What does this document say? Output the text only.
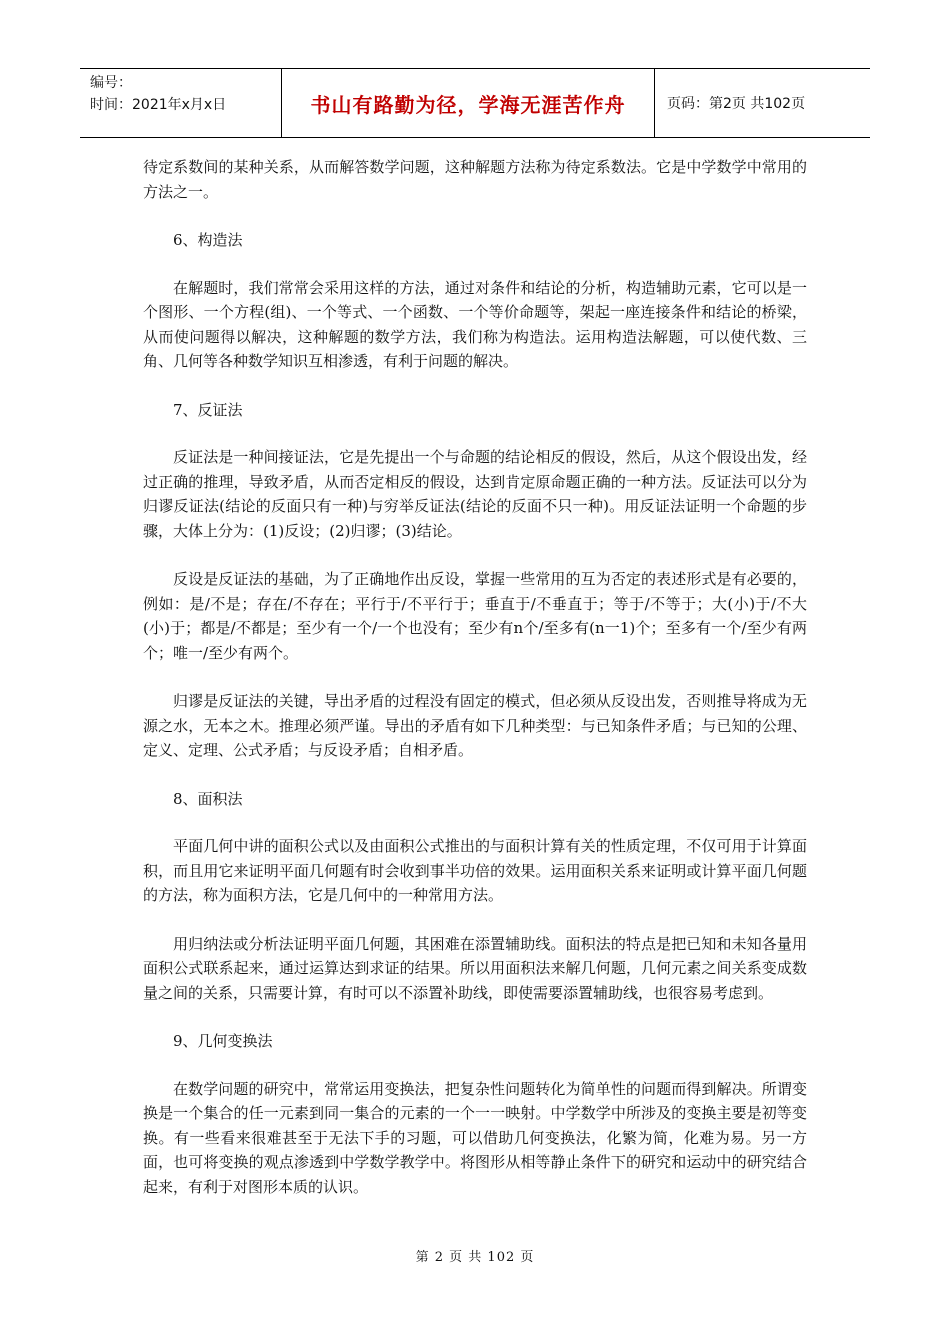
编号：
时间：2021年x月x日	书山有路勤为径，学海无涯苦作舟	页码：第2页 共102页

待定系数间的某种关系，从而解答数学问题，这种解题方法称为待定系数法。它是中学数学中常用的方法之一。

6、构造法

在解题时，我们常常会采用这样的方法，通过对条件和结论的分析，构造辅助元素，它可以是一个图形、一个方程(组)、一个等式、一个函数、一个等价命题等，架起一座连接条件和结论的桥梁，从而使问题得以解决，这种解题的数学方法，我们称为构造法。运用构造法解题，可以使代数、三角、几何等各种数学知识互相渗透，有利于问题的解决。

7、反证法

反证法是一种间接证法，它是先提出一个与命题的结论相反的假设，然后，从这个假设出发，经过正确的推理，导致矛盾，从而否定相反的假设，达到肯定原命题正确的一种方法。反证法可以分为归谬反证法(结论的反面只有一种)与穷举反证法(结论的反面不只一种)。用反证法证明一个命题的步骤，大体上分为：(1)反设；(2)归谬；(3)结论。

反设是反证法的基础，为了正确地作出反设，掌握一些常用的互为否定的表述形式是有必要的，例如：是/不是；存在/不存在；平行于/不平行于；垂直于/不垂直于；等于/不等于；大(小)于/不大(小)于；都是/不都是；至少有一个/一个也没有；至少有n个/至多有(n一1)个；至多有一个/至少有两个；唯一/至少有两个。

归谬是反证法的关键，导出矛盾的过程没有固定的模式，但必须从反设出发，否则推导将成为无源之水，无本之木。推理必须严谨。导出的矛盾有如下几种类型：与已知条件矛盾；与已知的公理、定义、定理、公式矛盾；与反设矛盾；自相矛盾。

8、面积法

平面几何中讲的面积公式以及由面积公式推出的与面积计算有关的性质定理，不仅可用于计算面积，而且用它来证明平面几何题有时会收到事半功倍的效果。运用面积关系来证明或计算平面几何题的方法，称为面积方法，它是几何中的一种常用方法。

用归纳法或分析法证明平面几何题，其困难在添置辅助线。面积法的特点是把已知和未知各量用面积公式联系起来，通过运算达到求证的结果。所以用面积法来解几何题，几何元素之间关系变成数量之间的关系，只需要计算，有时可以不添置补助线，即使需要添置辅助线，也很容易考虑到。

9、几何变换法

在数学问题的研究中，常常运用变换法，把复杂性问题转化为简单性的问题而得到解决。所谓变换是一个集合的任一元素到同一集合的元素的一个一一映射。中学数学中所涉及的变换主要是初等变换。有一些看来很难甚至于无法下手的习题，可以借助几何变换法，化繁为简，化难为易。另一方面，也可将变换的观点渗透到中学数学教学中。将图形从相等静止条件下的研究和运动中的研究结合起来，有利于对图形本质的认识。

第 2 页 共 102 页
